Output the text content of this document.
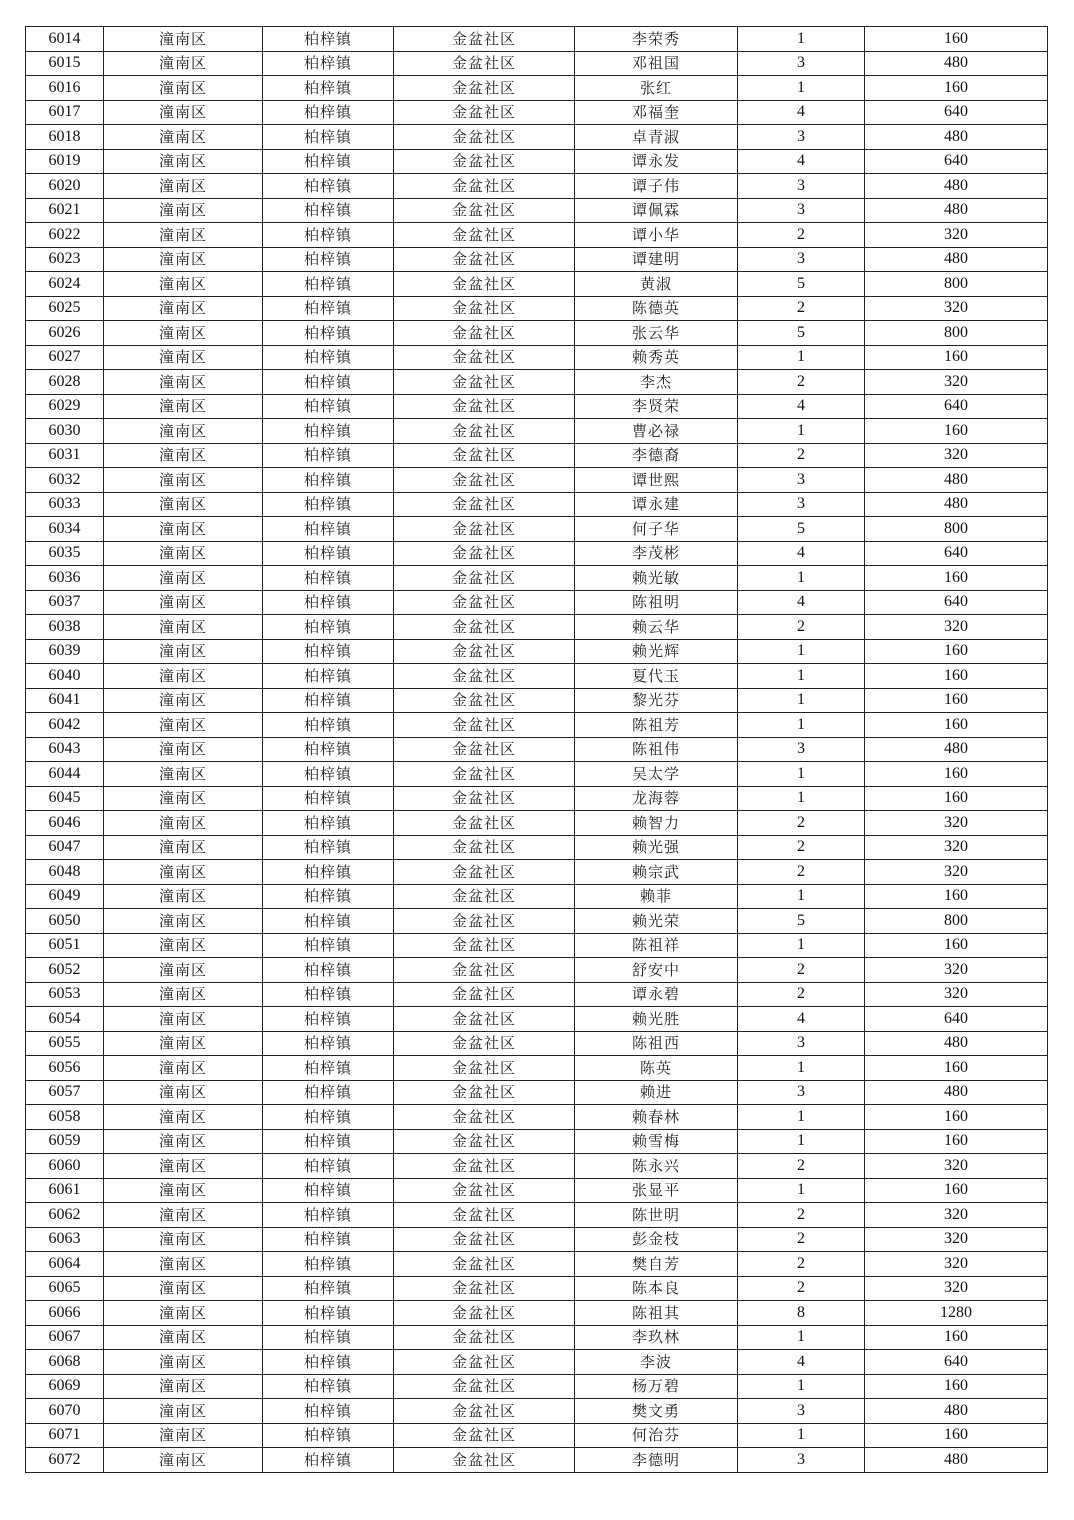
6014	潼南区	柏梓镇	金盆社区	李荣秀	1	160
6015	潼南区	柏梓镇	金盆社区	邓祖国	3	480
6016	潼南区	柏梓镇	金盆社区	张红	1	160
6017	潼南区	柏梓镇	金盆社区	邓福奎	4	640
6018	潼南区	柏梓镇	金盆社区	卓青淑	3	480
6019	潼南区	柏梓镇	金盆社区	谭永发	4	640
6020	潼南区	柏梓镇	金盆社区	谭子伟	3	480
6021	潼南区	柏梓镇	金盆社区	谭佩霖	3	480
6022	潼南区	柏梓镇	金盆社区	谭小华	2	320
6023	潼南区	柏梓镇	金盆社区	谭建明	3	480
6024	潼南区	柏梓镇	金盆社区	黄淑	5	800
6025	潼南区	柏梓镇	金盆社区	陈德英	2	320
6026	潼南区	柏梓镇	金盆社区	张云华	5	800
6027	潼南区	柏梓镇	金盆社区	赖秀英	1	160
6028	潼南区	柏梓镇	金盆社区	李杰	2	320
6029	潼南区	柏梓镇	金盆社区	李贤荣	4	640
6030	潼南区	柏梓镇	金盆社区	曹必禄	1	160
6031	潼南区	柏梓镇	金盆社区	李德裔	2	320
6032	潼南区	柏梓镇	金盆社区	谭世熙	3	480
6033	潼南区	柏梓镇	金盆社区	谭永建	3	480
6034	潼南区	柏梓镇	金盆社区	何子华	5	800
6035	潼南区	柏梓镇	金盆社区	李茂彬	4	640
6036	潼南区	柏梓镇	金盆社区	赖光敏	1	160
6037	潼南区	柏梓镇	金盆社区	陈祖明	4	640
6038	潼南区	柏梓镇	金盆社区	赖云华	2	320
6039	潼南区	柏梓镇	金盆社区	赖光辉	1	160
6040	潼南区	柏梓镇	金盆社区	夏代玉	1	160
6041	潼南区	柏梓镇	金盆社区	黎光芬	1	160
6042	潼南区	柏梓镇	金盆社区	陈祖芳	1	160
6043	潼南区	柏梓镇	金盆社区	陈祖伟	3	480
6044	潼南区	柏梓镇	金盆社区	吴太学	1	160
6045	潼南区	柏梓镇	金盆社区	龙海蓉	1	160
6046	潼南区	柏梓镇	金盆社区	赖智力	2	320
6047	潼南区	柏梓镇	金盆社区	赖光强	2	320
6048	潼南区	柏梓镇	金盆社区	赖宗武	2	320
6049	潼南区	柏梓镇	金盆社区	赖菲	1	160
6050	潼南区	柏梓镇	金盆社区	赖光荣	5	800
6051	潼南区	柏梓镇	金盆社区	陈祖祥	1	160
6052	潼南区	柏梓镇	金盆社区	舒安中	2	320
6053	潼南区	柏梓镇	金盆社区	谭永碧	2	320
6054	潼南区	柏梓镇	金盆社区	赖光胜	4	640
6055	潼南区	柏梓镇	金盆社区	陈祖西	3	480
6056	潼南区	柏梓镇	金盆社区	陈英	1	160
6057	潼南区	柏梓镇	金盆社区	赖进	3	480
6058	潼南区	柏梓镇	金盆社区	赖春林	1	160
6059	潼南区	柏梓镇	金盆社区	赖雪梅	1	160
6060	潼南区	柏梓镇	金盆社区	陈永兴	2	320
6061	潼南区	柏梓镇	金盆社区	张显平	1	160
6062	潼南区	柏梓镇	金盆社区	陈世明	2	320
6063	潼南区	柏梓镇	金盆社区	彭金枝	2	320
6064	潼南区	柏梓镇	金盆社区	樊自芳	2	320
6065	潼南区	柏梓镇	金盆社区	陈本良	2	320
6066	潼南区	柏梓镇	金盆社区	陈祖其	8	1280
6067	潼南区	柏梓镇	金盆社区	李玖林	1	160
6068	潼南区	柏梓镇	金盆社区	李波	4	640
6069	潼南区	柏梓镇	金盆社区	杨万碧	1	160
6070	潼南区	柏梓镇	金盆社区	樊文勇	3	480
6071	潼南区	柏梓镇	金盆社区	何治芬	1	160
6072	潼南区	柏梓镇	金盆社区	李德明	3	480
